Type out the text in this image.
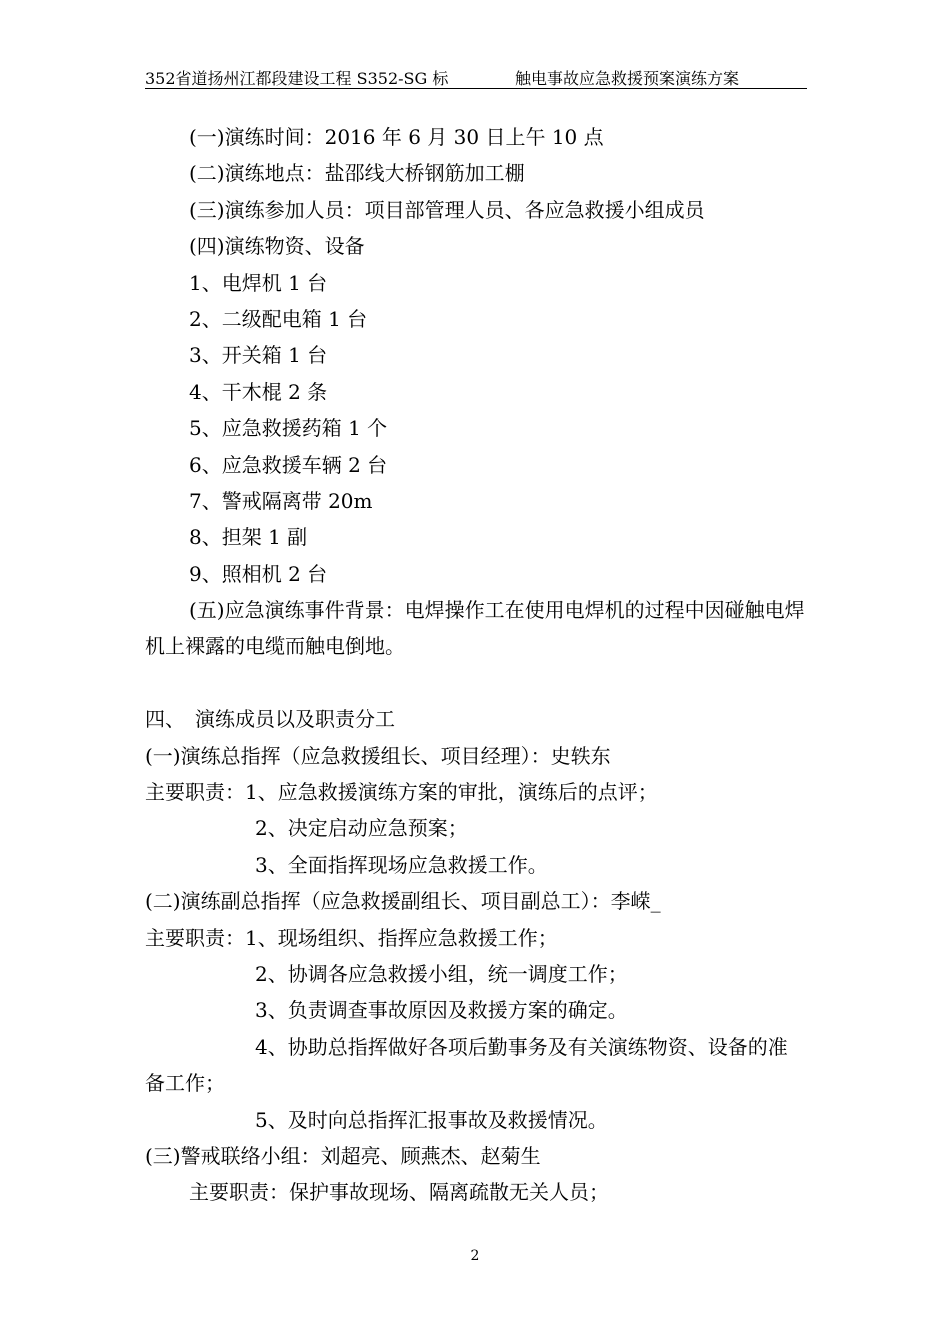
352省道扬州江都段建设工程 S352-SG 标	触电事故应急救援预案演练方案
(一)演练时间：2016 年 6 月 30 日上午 10 点
(二)演练地点：盐邵线大桥钢筋加工棚
(三)演练参加人员：项目部管理人员、各应急救援小组成员
(四)演练物资、设备
1、电焊机 1 台
2、二级配电箱 1 台
3、开关箱 1 台
4、干木棍 2 条
5、应急救援药箱 1 个
6、应急救援车辆 2 台
7、警戒隔离带 20m
8、担架 1 副
9、照相机 2 台
(五)应急演练事件背景：电焊操作工在使用电焊机的过程中因碰触电焊机上裸露的电缆而触电倒地。
四、　演练成员以及职责分工
(一)演练总指挥（应急救援组长、项目经理）：史轶东
主要职责：1、应急救援演练方案的审批，演练后的点评；
2、决定启动应急预案；
3、全面指挥现场应急救援工作。
(二)演练副总指挥（应急救援副组长、项目副总工）：李嵘_
主要职责：1、现场组织、指挥应急救援工作；
2、协调各应急救援小组，统一调度工作；
3、负责调查事故原因及救援方案的确定。
4、协助总指挥做好各项后勤事务及有关演练物资、设备的准备工作；
5、及时向总指挥汇报事故及救援情况。
(三)警戒联络小组：刘超亮、顾燕杰、赵菊生
主要职责：保护事故现场、隔离疏散无关人员；
2
